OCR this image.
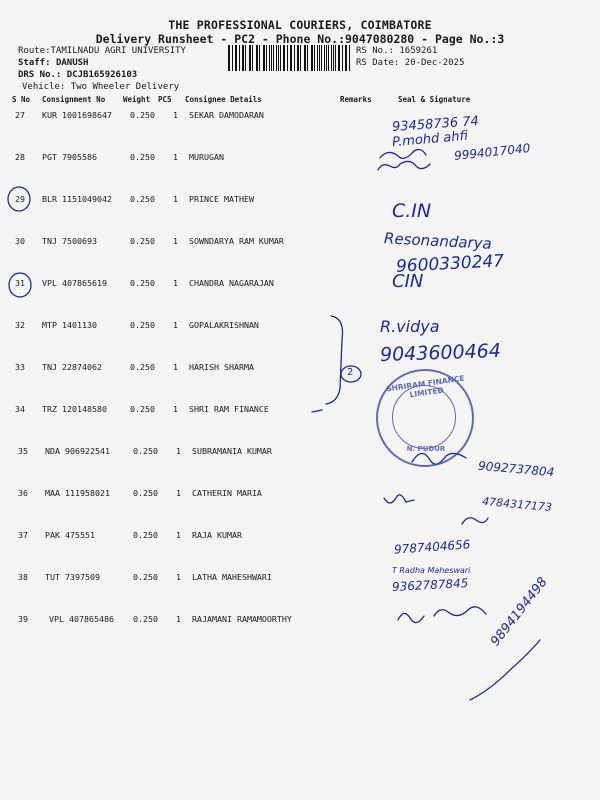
THE PROFESSIONAL COURIERS, COIMBATORE
Delivery Runsheet - PC2 - Phone No.:9047080280 - Page No.:3
Route:TAMILNADU AGRI UNIVERSITY
Staff: DANUSH
DRS No.: DCJB165926103
Vehicle: Two Wheeler Delivery
RS No.: 1659261
RS Date: 20-Dec-2025
S No Consignment No Weight PCS Consignee Details	Remarks	Seal & Signature
27 KUR 1001698647 0.250 1 SEKAR DAMODARAN
28 PGT 7905586	0.250 1 MURUGAN
29 BLR 1151049042 0.250 1 PRINCE MATHEW
30 TNJ 7500693	0.250 1 SOWNDARYA RAM KUMAR
31 VPL 407865619	0.250 1 CHANDRA NAGARAJAN
32 MTP 1401130	0.250 1 GOPALAKRISHNAN
33 TNJ 22874062	0.250 1 HARISH SHARMA
34 TRZ 120148580	0.250 1 SHRI RAM FINANCE
35 NDA 906922541	0.250 1 SUBRAMANIA KUMAR
36 MAA 111958021	0.250 1 CATHERIN MARIA
37 PAK 475551	0.250 1 RAJA KUMAR
38 TUT 7397509	0.250 1 LATHA MAHESHWARI
39	VPL 407865486 0.250 1 RAJAMANI RAMAMOORTHY
93458736 74
P.mohd ahfi
9994017040
C.IN
Resonandarya
9600330247
CIN
R.vidya
9043600464
2
9092737804
4784317173
9787404656
T Radha Maheswari
9362787845 9894194498
SHRIRAM FINANCE LIMITED
N. PUDUR
